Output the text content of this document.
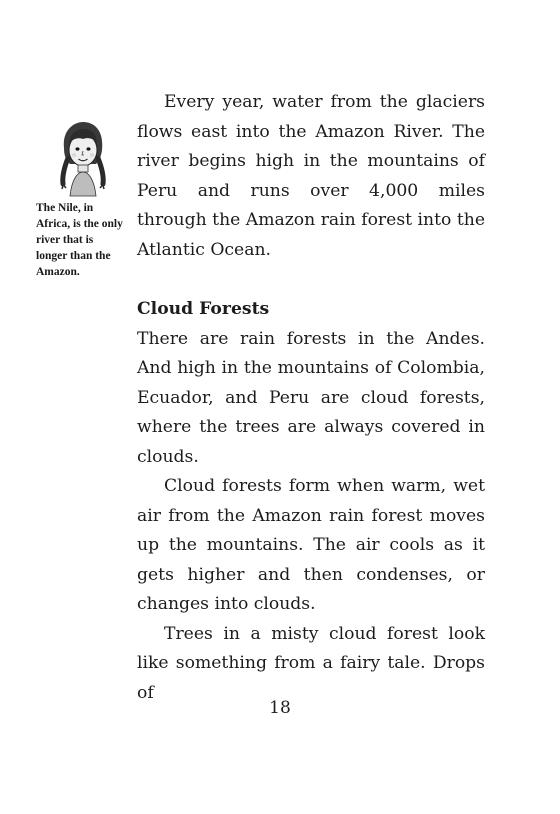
The Nile, in Africa, is the only river that is longer than the Amazon.

Every year, water from the glaciers flows east into the Amazon River. The river begins high in the mountains of Peru and runs over 4,000 miles through the Amazon rain forest into the Atlantic Ocean.

Cloud Forests

There are rain forests in the Andes. And high in the mountains of Colombia, Ecuador, and Peru are cloud forests, where the trees are always covered in clouds.

Cloud forests form when warm, wet air from the Amazon rain forest moves up the mountains. The air cools as it gets higher and then condenses, or changes into clouds.

Trees in a misty cloud forest look like something from a fairy tale. Drops of

18
